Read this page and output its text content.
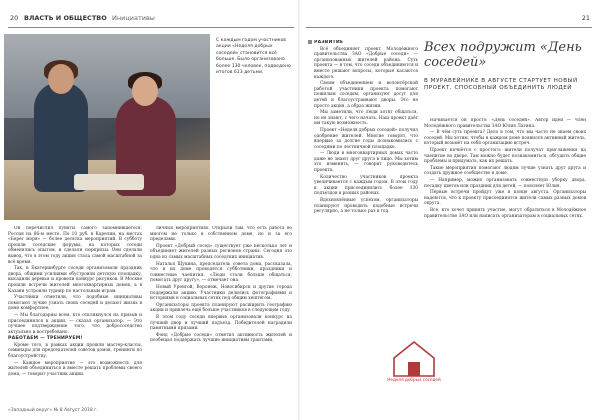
20 ВЛАСТЬ И ОБЩЕСТВО Инициативы
С каждым годом участников акции «Неделя добрых соседей» становится всё больше. Было организовано более 130 человек, подведено итогов 613 детьми.

Он перечислил пункты самого запомнившегося. Россия на 86-м месте. По 10 руб. в Карелии, на местах «Берег моря» — более десятка мероприятий. В субботу прошли соседские форумы, на которых соседи обменялись опытом, и сделали сюрпризы. Они сделали вывод, что в этом году акция стала самой масштабной за всё время.

Так, в Екатеринбурге соседи организовали праздник двора, общими усилиями обустроили детскую площадку, высадили деревья и провели конкурс рисунков. В Москве прошли встречи жителей многоквартирных домов, а в Казани устроили турнир по настольным играм.

Участники отметили, что подобные инициативы помогают лучше узнать своих соседей и делают жизнь в доме комфортнее.

— Мы благодарны всем, кто откликнулся на призыв и присоединился к акции, — сказал организатор. — Это лучшее подтверждение того, что добрососедство актуально и востребовано.

РАБОТАЕМ — ТРЕНИРУЕМ!

Кроме того, в рамках акции прошли мастер-классы, семинары для председателей советов домов, тренинги по благоустройству.

— Каждое мероприятие — это возможность для жителей объединиться и вместе решать проблемы своего дома, — говорит участник акции.

личных мероприятиях. Открыли там, что есть работа во многом не только в собственном доме, но и за его пределами.

Проект «Добрый сосед» существует уже несколько лет и объединяет жителей разных регионов страны. Сегодня это одна из самых масштабных соседских инициатив.

Наталья Щукина, председатель совета дома, рассказала, что в их доме проводятся субботники, праздники и совместные чаепития. «Люди стали больше общаться, помогать друг другу», — отмечает она.

Новый Уренгой, Воронеж, Новосибирск и другие города поддержали акцию. Участники делились фотографиями и историями в социальных сетях под общим хештегом.

Организаторы проекта планируют расширить географию акции и привлечь ещё больше участников в следующем году.

В этом году соседи впервые организовали конкурс на лучший двор и лучший подъезд. Победителей наградили памятными призами.

Фонд «Добрые соседи» отметил активность жителей и пообещал поддержать лучшие инициативы грантами.

«Западный округ» № 8 Август 2018 г.
21

РАЗВИТИЕ

Всё объединяет проект Молодёжного правительства ЗАО «Добрые соседи» — организованных жителей района. Суть проекта — в том, что соседи объединяются и вместе решают вопросы, которые касаются каждого.

Своим объединением и волонтёрской работой участники проекта помогают пожилым соседям, организуют досуг для детей и благоустраивают дворы. Это не просто акция, а образ жизни.

Мы заметили, что люди хотят общаться, но не знают, с чего начать. Наш проект даёт им такую возможность.

Проект «Неделя добрых соседей» получил одобрение жителей. Многие говорят, что впервые за долгие годы познакомились с соседями по лестничной площадке.

— Люди в многоквартирных домах часто даже не знают друг друга в лицо. Мы хотим это изменить, — говорит руководитель проекта.

Количество участников проекта увеличивается с каждым годом. В этом году к акции присоединились более 130 подъездов в разных районах.

Вдохновлённые успехом, организаторы планируют проводить подобные встречи регулярно, а не только раз в год.

Неделя добрых соседей
Всех подружит «День соседей»
В МУРАВЕЙНИКЕ В АВГУСТЕ СТАРТУЕТ НОВЫЙ ПРОЕКТ, СПОСОБНЫЙ ОБЪЕДИНИТЬ ЛЮДЕЙ

Начинается он просто: «День соседей». Автор идеи — член Молодёжного правительства ЗАО Юлия Лагина.

— В чём суть проекта? Дело в том, что мы часто не знаем своих соседей. Мы хотим, чтобы в каждом доме появился активный житель, который возьмёт на себя организацию встреч.

Проект начнётся с простого: жители получат приглашения на чаепитие во дворе. Там можно будет познакомиться, обсудить общие проблемы и придумать, как их решать.

Такие мероприятия помогают людям лучше узнать друг друга и создать дружное сообщество в доме.

— Например, можно организовать совместную уборку двора, посадку цветов или праздник для детей, — поясняет Юлия.

Первые встречи пройдут уже в конце августа. Организаторы надеются, что к проекту присоединятся жители самых разных домов округа.

Все, кто хочет принять участие, могут обратиться в Молодёжное правительство ЗАО или написать организаторам в социальных сетях.
